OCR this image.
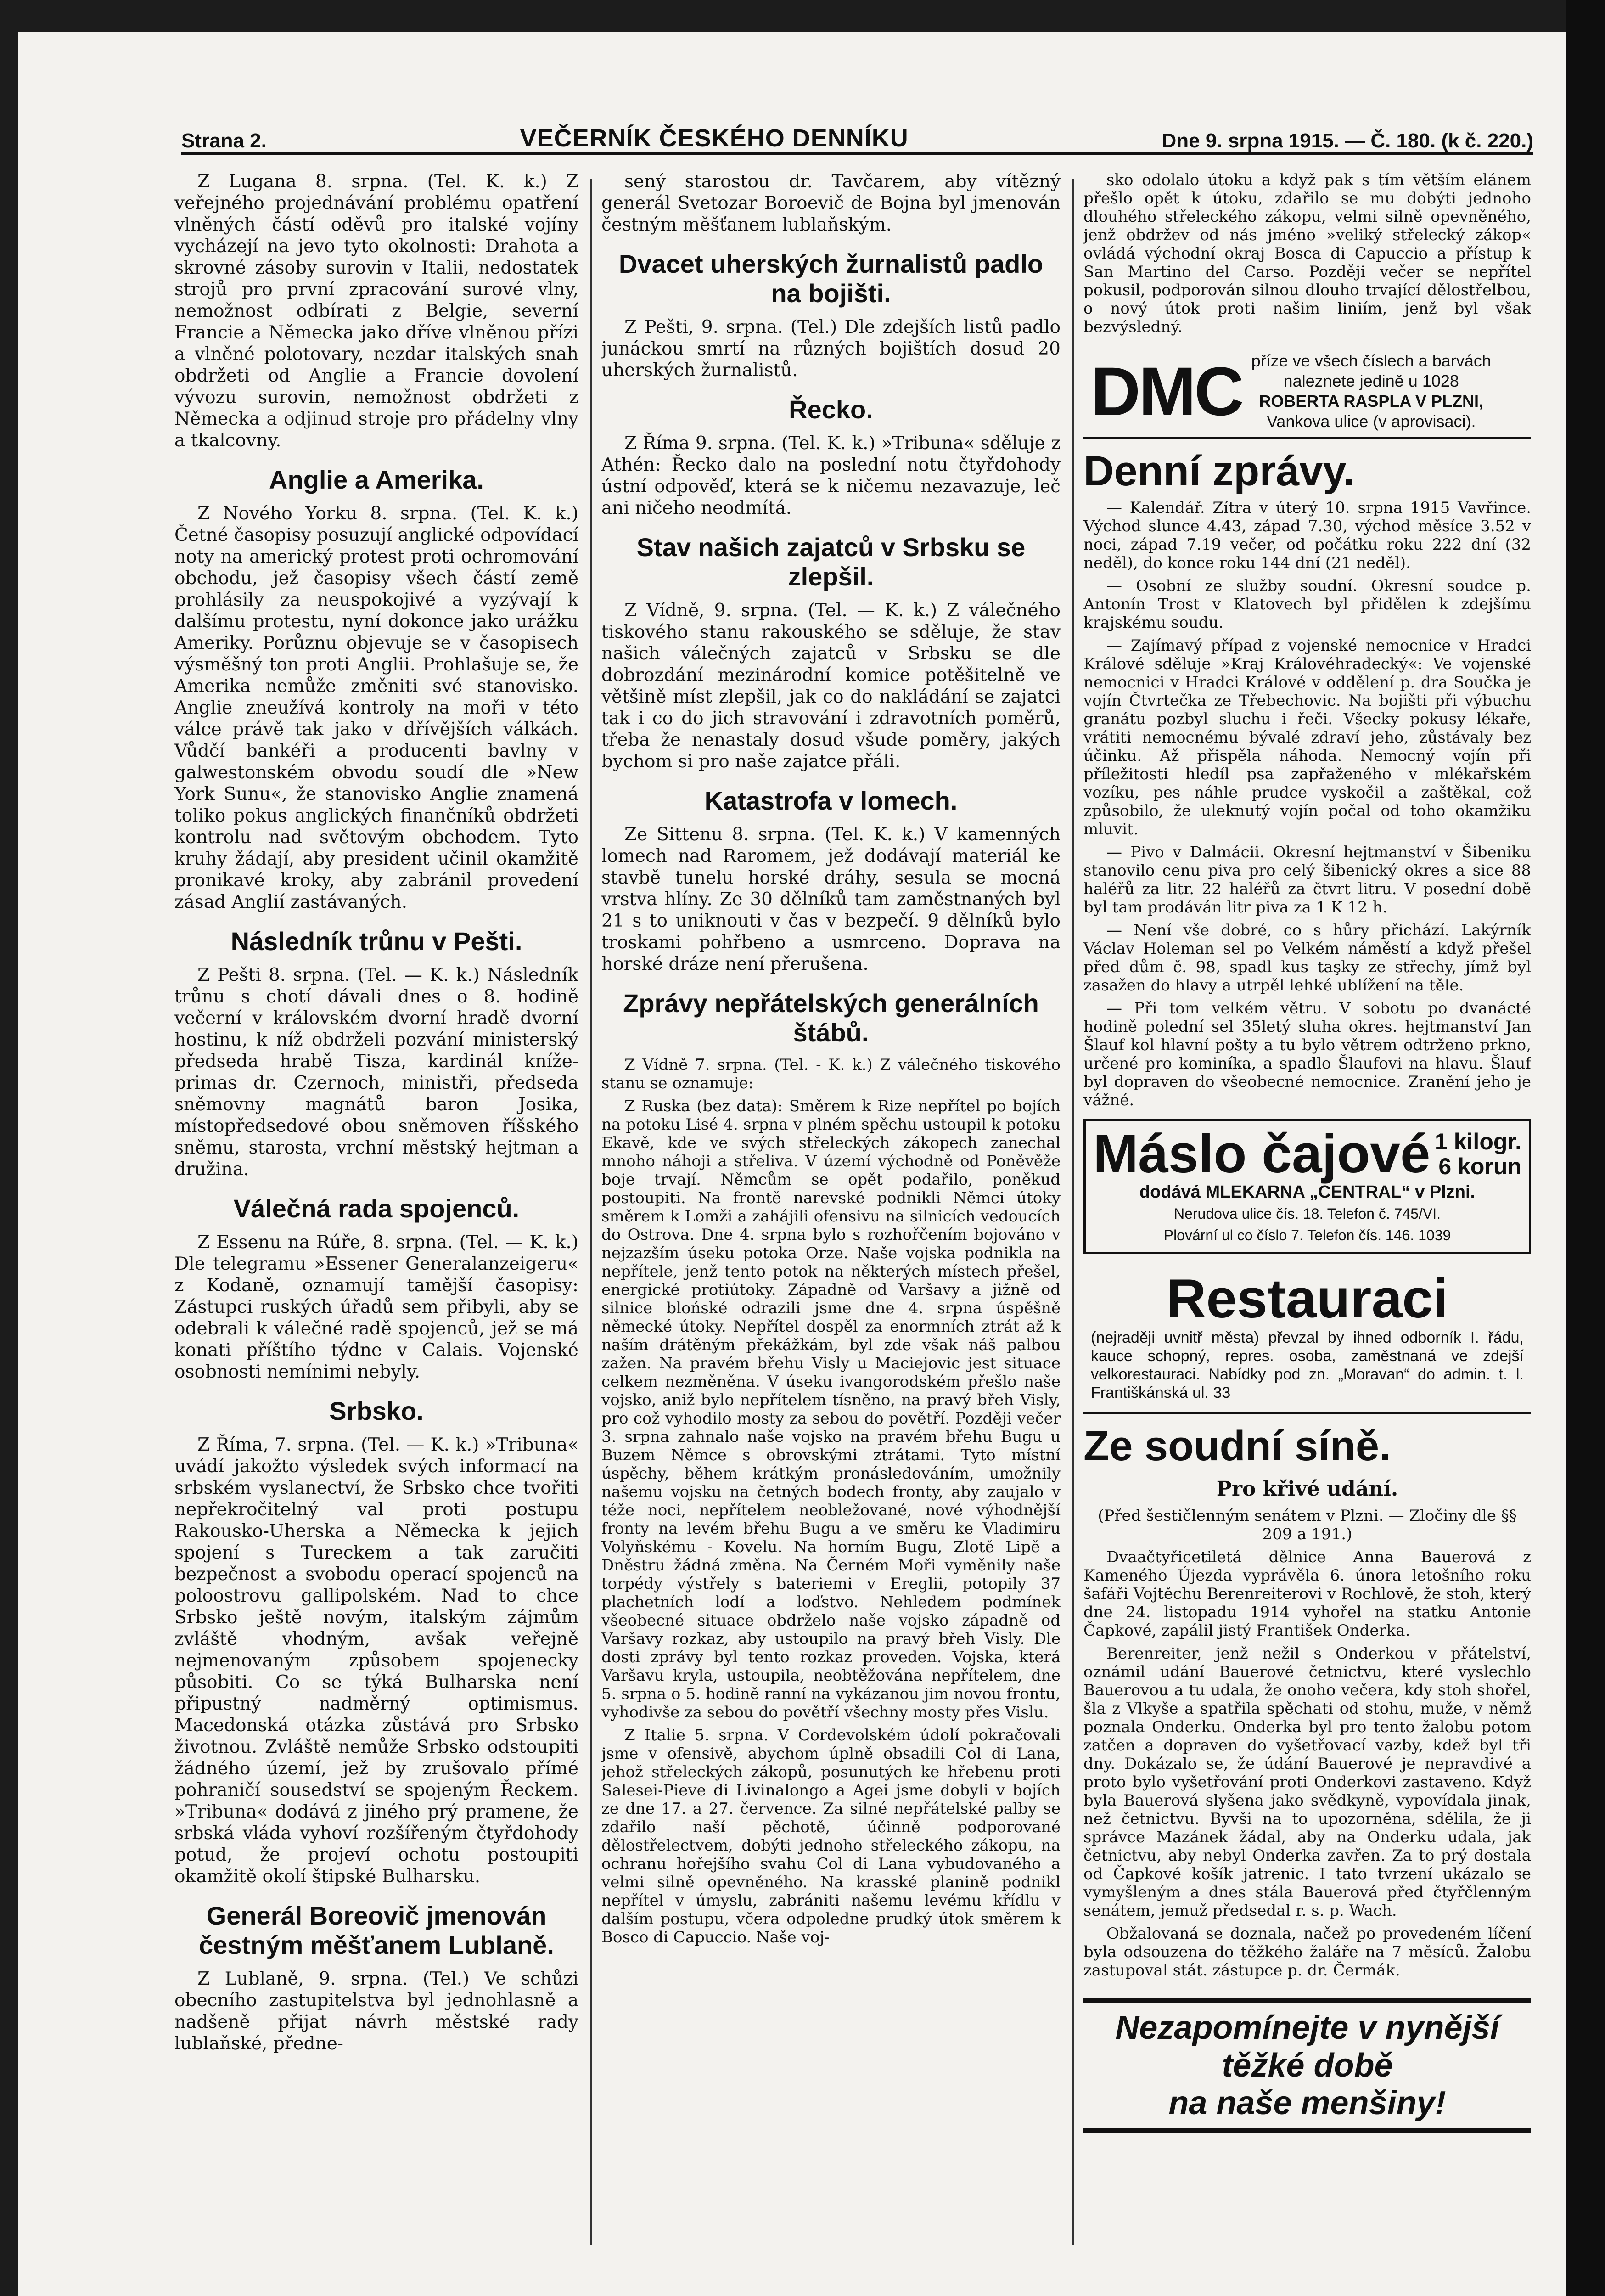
Strana 2.	VEČERNÍK ČESKÉHO DENNÍKU	Dne 9. srpna 1915. — Č. 180. (k č. 220.)

Z Lugana 8. srpna. (Tel. K. k.) Z veřejného projednávání problému opatření vlněných částí oděvů pro italské vojíny vycházejí na jevo tyto okolnosti: Drahota a skrovné zásoby surovin v Italii, nedostatek strojů pro první zpracování surové vlny, nemožnost odbírati z Belgie, severní Francie a Německa jako dříve vlněnou přízi a vlněné polotovary, nezdar italských snah obdržeti od Anglie a Francie dovolení vývozu surovin, nemožnost obdržeti z Německa a odjinud stroje pro přádelny vlny a tkalcovny.

Anglie a Amerika.

Z Nového Yorku 8. srpna. (Tel. K. k.) Četné časopisy posuzují anglické odpovídací noty na americký protest proti ochromování obchodu, jež časopisy všech částí země prohlásily za neuspokojivé a vyzývají k dalšímu protestu, nyní dokonce jako urážku Ameriky. Porůznu objevuje se v časopisech výsměšný ton proti Anglii. Prohlašuje se, že Amerika nemůže změniti své stanovisko. Anglie zneužívá kontroly na moři v této válce právě tak jako v dřívějších válkách. Vůdčí bankéři a producenti bavlny v galwestonském obvodu soudí dle »New York Sunu«, že stanovisko Anglie znamená toliko pokus anglických finančníků obdržeti kontrolu nad světovým obchodem. Tyto kruhy žádají, aby president učinil okamžitě pronikavé kroky, aby zabránil provedení zásad Anglií zastávaných.

Následník trůnu v Pešti.

Z Pešti 8. srpna. (Tel. — K. k.) Následník trůnu s chotí dávali dnes o 8. hodině večerní v královském dvorní hradě dvorní hostinu, k níž obdrželi pozvání ministerský předseda hrabě Tisza, kardinál kníže-primas dr. Czernoch, ministři, předseda sněmovny magnátů baron Josika, místopředsedové obou sněmoven říšského sněmu, starosta, vrchní městský hejtman a družina.

Válečná rada spojenců.

Z Essenu na Rúře, 8. srpna. (Tel. — K. k.) Dle telegramu »Essener Generalanzeigeru« z Kodaně, oznamují tamější časopisy: Zástupci ruských úřadů sem přibyli, aby se odebrali k válečné radě spojenců, jež se má konati příštího týdne v Calais. Vojenské osobnosti nemínimi nebyly.

Srbsko.

Z Říma, 7. srpna. (Tel. — K. k.) »Tribuna« uvádí jakožto výsledek svých informací na srbském vyslanectví, že Srbsko chce tvořiti nepřekročitelný val proti postupu Rakousko-Uherska a Německa k jejich spojení s Tureckem a tak zaručiti bezpečnost a svobodu operací spojenců na poloostrovu gallipolském. Nad to chce Srbsko ještě novým, italským zájmům zvláště vhodným, avšak veřejně nejmenovaným způsobem spojenecky působiti. Co se týká Bulharska není připustný nadměrný optimismus. Macedonská otázka zůstává pro Srbsko životnou. Zvláště nemůže Srbsko odstoupiti žádného území, jež by zrušovalo přímé pohraničí sousedství se spojeným Řeckem. »Tribuna« dodává z jiného prý pramene, že srbská vláda vyhoví rozšířeným čtyřdohody potud, že projeví ochotu postoupiti okamžitě okolí štipské Bulharsku.

Generál Boreovič jmenován čestným měšťanem Lublaně.

Z Lublaně, 9. srpna. (Tel.) Ve schůzi obecního zastupitelstva byl jednohlasně a nadšeně přijat návrh městské rady lublaňské, předne-

sený starostou dr. Tavčarem, aby vítězný generál Svetozar Boroevič de Bojna byl jmenován čestným měšťanem lublaňským.

Dvacet uherských žurnalistů padlo na bojišti.

Z Pešti, 9. srpna. (Tel.) Dle zdejších listů padlo junáckou smrtí na různých bojištích dosud 20 uherských žurnalistů.

Řecko.

Z Říma 9. srpna. (Tel. K. k.) »Tribuna« sděluje z Athén: Řecko dalo na poslední notu čtyřdohody ústní odpověď, která se k ničemu nezavazuje, leč ani ničeho neodmítá.

Stav našich zajatců v Srbsku se zlepšil.

Z Vídně, 9. srpna. (Tel. — K. k.) Z válečného tiskového stanu rakouského se sděluje, že stav našich válečných zajatců v Srbsku se dle dobrozdání mezinárodní komice potěšitelně ve většině míst zlepšil, jak co do nakládání se zajatci tak i co do jich stravování i zdravotních poměrů, třeba že nenastaly dosud všude poměry, jakých bychom si pro naše zajatce přáli.

Katastrofa v lomech.

Ze Sittenu 8. srpna. (Tel. K. k.) V kamenných lomech nad Raromem, jež dodávají materiál ke stavbě tunelu horské dráhy, sesula se mocná vrstva hlíny. Ze 30 dělníků tam zaměstnaných byl 21 s to uniknouti v čas v bezpečí. 9 dělníků bylo troskami pohřbeno a usmrceno. Doprava na horské dráze není přerušena.

Zprávy nepřátelských generálních štábů.

Z Vídně 7. srpna. (Tel. - K. k.) Z válečného tiskového stanu se oznamuje:

Z Ruska (bez data): Směrem k Rize nepřítel po bojích na potoku Lisé 4. srpna v plném spěchu ustoupil k potoku Ekavě, kde ve svých střeleckých zákopech zanechal mnoho náhoji a střeliva. V území východně od Poněvěže boje trvají. Němcům se opět podařilo, poněkud postoupiti. Na frontě narevské podnikli Němci útoky směrem k Lomži a zahájili ofensivu na silnicích vedoucích do Ostrova. Dne 4. srpna bylo s rozhořčením bojováno v nejzazším úseku potoka Orze. Naše vojska podnikla na nepřítele, jenž tento potok na některých místech přešel, energické protiútoky. Západně od Varšavy a jižně od silnice blońské odrazili jsme dne 4. srpna úspěšně německé útoky. Nepřítel dospěl za enormních ztrát až k naším drátěným překážkám, byl zde však náš palbou zažen. Na pravém břehu Visly u Maciejovic jest situace celkem nezměněna. V úseku ivangorodském přešlo naše vojsko, aniž bylo nepřítelem tísněno, na pravý břeh Visly, pro což vyhodilo mosty za sebou do povětří. Později večer 3. srpna zahnalo naše vojsko na pravém břehu Bugu u Buzem Němce s obrovskými ztrátami. Tyto místní úspěchy, během krátkým pronásledováním, umožnily našemu vojsku na četných bodech fronty, aby zaujalo v téže noci, nepřítelem neobležované, nové výhodnější fronty na levém břehu Bugu a ve směru ke Vladimiru Volyňskému - Kovelu. Na horním Bugu, Zlotě Lipě a Dněstru žádná změna. Na Černém Moři vyměnily naše torpédy výstřely s bateriemi v Ereglii, potopily 37 plachetních lodí a loďstvo. Nehledem podmínek všeobecné situace obdrželo naše vojsko západně od Varšavy rozkaz, aby ustoupilo na pravý břeh Visly. Dle dosti zprávy byl tento rozkaz proveden. Vojska, která Varšavu kryla, ustoupila, neobtěžována nepřítelem, dne 5. srpna o 5. hodině ranní na vykázanou jim novou frontu, vyhodivše za sebou do povětří všechny mosty přes Vislu.

Z Italie 5. srpna. V Cordevolském údolí pokračovali jsme v ofensivě, abychom úplně obsadili Col di Lana, jehož střeleckých zákopů, posunutých ke hřebenu proti Salesei-Pieve di Livinalongo a Agei jsme dobyli v bojích ze dne 17. a 27. července. Za silné nepřátelské palby se zdařilo naší pěchotě, účinně podporované dělostřelectvem, dobýti jednoho střeleckého zákopu, na ochranu hořejšího svahu Col di Lana vybudovaného a velmi silně opevněného. Na krasské planině podnikl nepřítel v úmyslu, zabrániti našemu levému křídlu v dalším postupu, včera odpoledne prudký útok směrem k Bosco di Capuccio. Naše voj-

sko odolalo útoku a když pak s tím větším elánem přešlo opět k útoku, zdařilo se mu dobýti jednoho dlouhého střeleckého zákopu, velmi silně opevněného, jenž obdržev od nás jméno »veliký střelecký zákop« ovládá východní okraj Bosca di Capuccio a přístup k San Martino del Carso. Později večer se nepřítel pokusil, podporován silnou dlouho trvající dělostřelbou, o nový útok proti našim liniím, jenž byl však bezvýsledný.

DMC příze ve všech číslech a barvách
naleznete jedině u 1028
ROBERTA RASPLA V PLZNI,
Vankova ulice (v aprovisaci).
Denní zprávy.

— Kalendář. Zítra v úterý 10. srpna 1915 Vavřince. Východ slunce 4.43, západ 7.30, východ měsíce 3.52 v noci, západ 7.19 večer, od počátku roku 222 dní (32 neděl), do konce roku 144 dní (21 neděl).

— Osobní ze služby soudní. Okresní soudce p. Antonín Trost v Klatovech byl přidělen k zdejšímu krajskému soudu.

— Zajímavý případ z vojenské nemocnice v Hradci Králové sděluje »Kraj Královéhradecký«: Ve vojenské nemocnici v Hradci Králové v oddělení p. dra Součka je vojín Čtvrtečka ze Třebechovic. Na bojišti při výbuchu granátu pozbyl sluchu i řeči. Všecky pokusy lékaře, vrátiti nemocnému bývalé zdraví jeho, zůstávaly bez účinku. Až přispěla náhoda. Nemocný vojín při příležitosti hledíl psa zapřaženého v mlékařském vozíku, pes náhle prudce vyskočil a zaštěkal, což způsobilo, že uleknutý vojín počal od toho okamžiku mluvit.

— Pivo v Dalmácii. Okresní hejtmanství v Šibeniku stanovilo cenu piva pro celý šibenický okres a sice 88 haléřů za litr. 22 haléřů za čtvrt litru. V posední době byl tam prodáván litr piva za 1 K 12 h.

— Není vše dobré, co s hůry přichází. Lakýrník Václav Holeman sel po Velkém náměstí a když přešel před dům č. 98, spadl kus taşky ze střechy, jímž byl zasažen do hlavy a utrpěl lehké ublížení na těle.

— Při tom velkém větru. V sobotu po dvanácté hodině polední sel 35letý sluha okres. hejtmanství Jan Šlauf kol hlavní pošty a tu bylo větrem odtrženo prkno, určené pro kominíka, a spadlo Šlaufovi na hlavu. Šlauf byl dopraven do všeobecné nemocnice. Zranění jeho je vážné.

Máslo čajové 1 kilogr.
6 korun
dodává MLEKARNA „CENTRAL“ v Plzni.
Nerudova ulice čís. 18. Telefon č. 745/VI.
Plovární ul co číslo 7. Telefon čís. 146. 1039
Restauraci

(nejraději uvnitř města) převzal by ihned odborník I. řádu, kauce schopný, repres. osoba, zaměstnaná ve zdejší velkorestauraci. Nabídky pod zn. „Moravan“ do admin. t. l. Františkánská ul. 33

Ze soudní síně.
Pro křivé udání.

(Před šestičlenným senátem v Plzni. — Zločiny dle §§ 209 a 191.)

Dvaačtyřicetiletá dělnice Anna Bauerová z Kameného Újezda vyprávěla 6. února letošního roku šafáři Vojtěchu Berenreiterovi v Rochlově, že stoh, který dne 24. listopadu 1914 vyhořel na statku Antonie Čapkové, zapálil jistý František Onderka.

Berenreiter, jenž nežil s Onderkou v přátelství, oznámil udání Bauerové četnictvu, které vyslechlo Bauerovou a tu udala, že onoho večera, kdy stoh shořel, šla z Vlkyše a spatřila spěchati od stohu, muže, v němž poznala Onderku. Onderka byl pro tento žalobu potom zatčen a dopraven do vyšetřovací vazby, kdež byl tři dny. Dokázalo se, že údání Bauerové je nepravdivé a proto bylo vyšetřování proti Onderkovi zastaveno. Když byla Bauerová slyšena jako svědkyně, vypovídala jinak, než četnictvu. Byvši na to upozorněna, sdělila, že ji správce Mazánek žádal, aby na Onderku udala, jak četnictvu, aby nebyl Onderka zavřen. Za to prý dostala od Čapkové košík jatrenic. I tato tvrzení ukázalo se vymyšleným a dnes stála Bauerová před čtyřčlenným senátem, jemuž předsedal r. s. p. Wach.

Obžalovaná se doznala, načež po provedeném líčení byla odsouzena do těžkého žaláře na 7 měsíců. Žalobu zastupoval stát. zástupce p. dr. Čermák.

Nezapomínejte v nynější
těžké době
na naše menšiny!
